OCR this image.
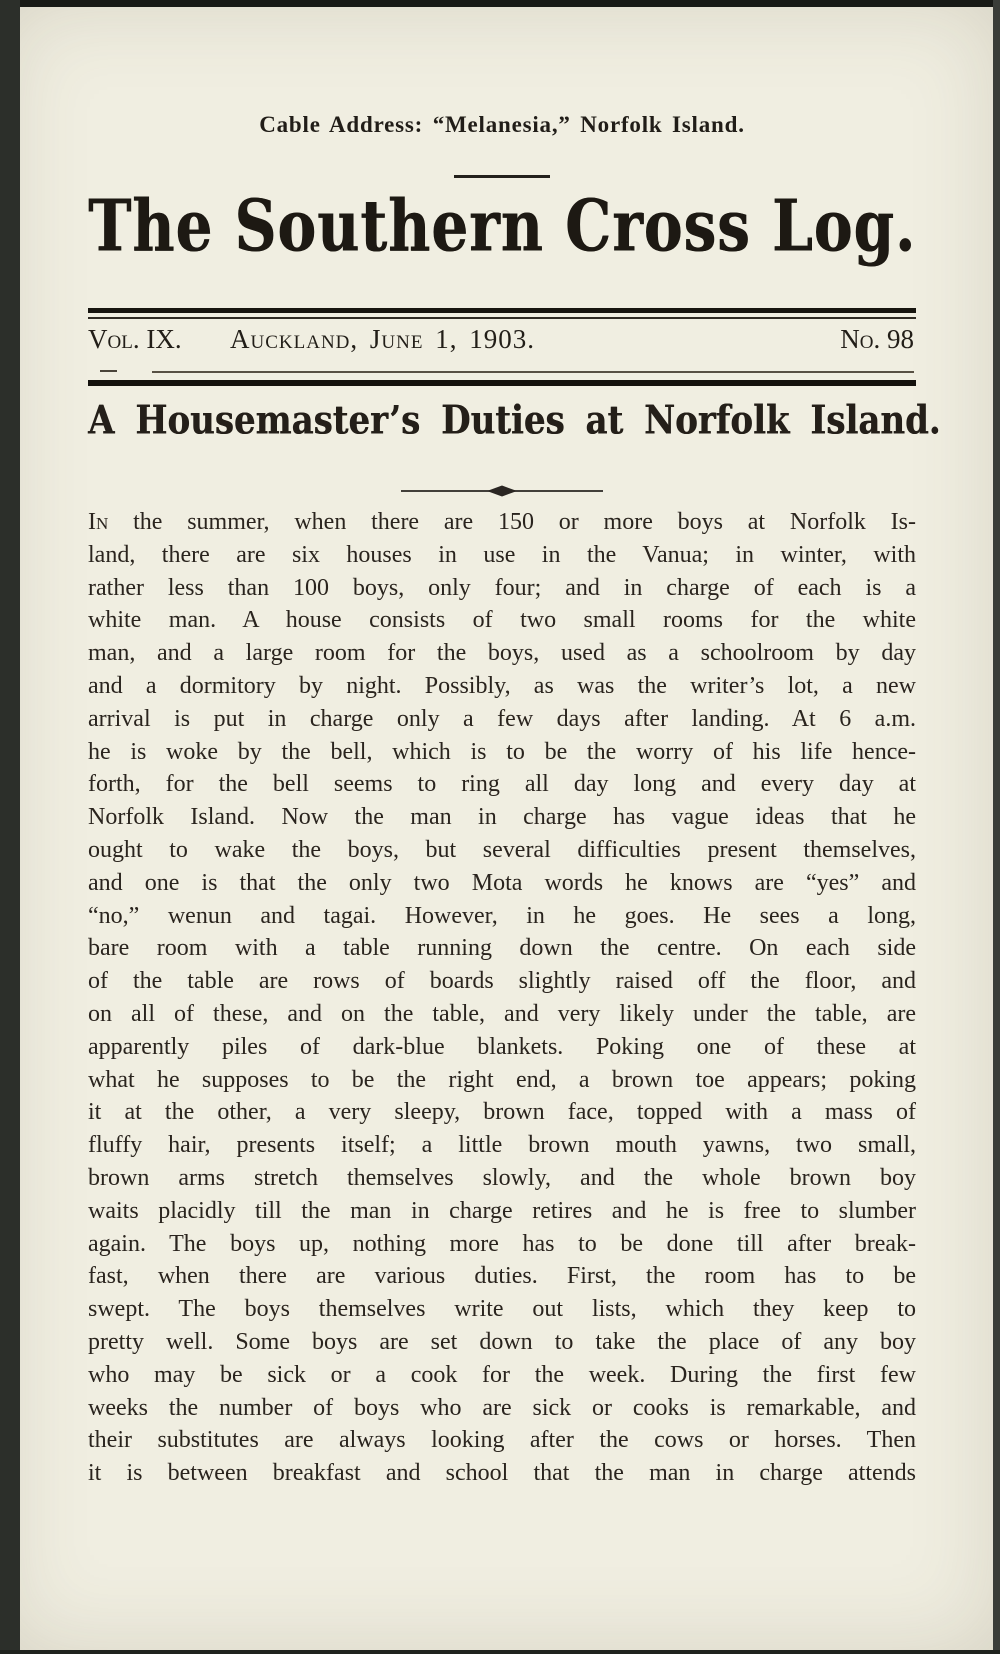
Cable Address: “Melanesia,” Norfolk Island.
The Southern Cross Log.
Vol. IX. Auckland, June 1, 1903.	No. 98
A Housemaster’s Duties at Norfolk Island.
In the summer, when there are 150 or more boys at Norfolk Is-
land, there are six houses in use in the Vanua; in winter, with
rather less than 100 boys, only four; and in charge of each is a
white man. A house consists of two small rooms for the white
man, and a large room for the boys, used as a schoolroom by day
and a dormitory by night. Possibly, as was the writer’s lot, a new
arrival is put in charge only a few days after landing. At 6 a.m.
he is woke by the bell, which is to be the worry of his life hence-
forth, for the bell seems to ring all day long and every day at
Norfolk Island. Now the man in charge has vague ideas that he
ought to wake the boys, but several difficulties present themselves,
and one is that the only two Mota words he knows are “yes” and
“no,” wenun and tagai. However, in he goes. He sees a long,
bare room with a table running down the centre. On each side
of the table are rows of boards slightly raised off the floor, and
on all of these, and on the table, and very likely under the table, are
apparently piles of dark-blue blankets. Poking one of these at
what he supposes to be the right end, a brown toe appears; poking
it at the other, a very sleepy, brown face, topped with a mass of
fluffy hair, presents itself; a little brown mouth yawns, two small,
brown arms stretch themselves slowly, and the whole brown boy
waits placidly till the man in charge retires and he is free to slumber
again. The boys up, nothing more has to be done till after break-
fast, when there are various duties. First, the room has to be
swept. The boys themselves write out lists, which they keep to
pretty well. Some boys are set down to take the place of any boy
who may be sick or a cook for the week. During the first few
weeks the number of boys who are sick or cooks is remarkable, and
their substitutes are always looking after the cows or horses. Then
it is between breakfast and school that the man in charge attends
